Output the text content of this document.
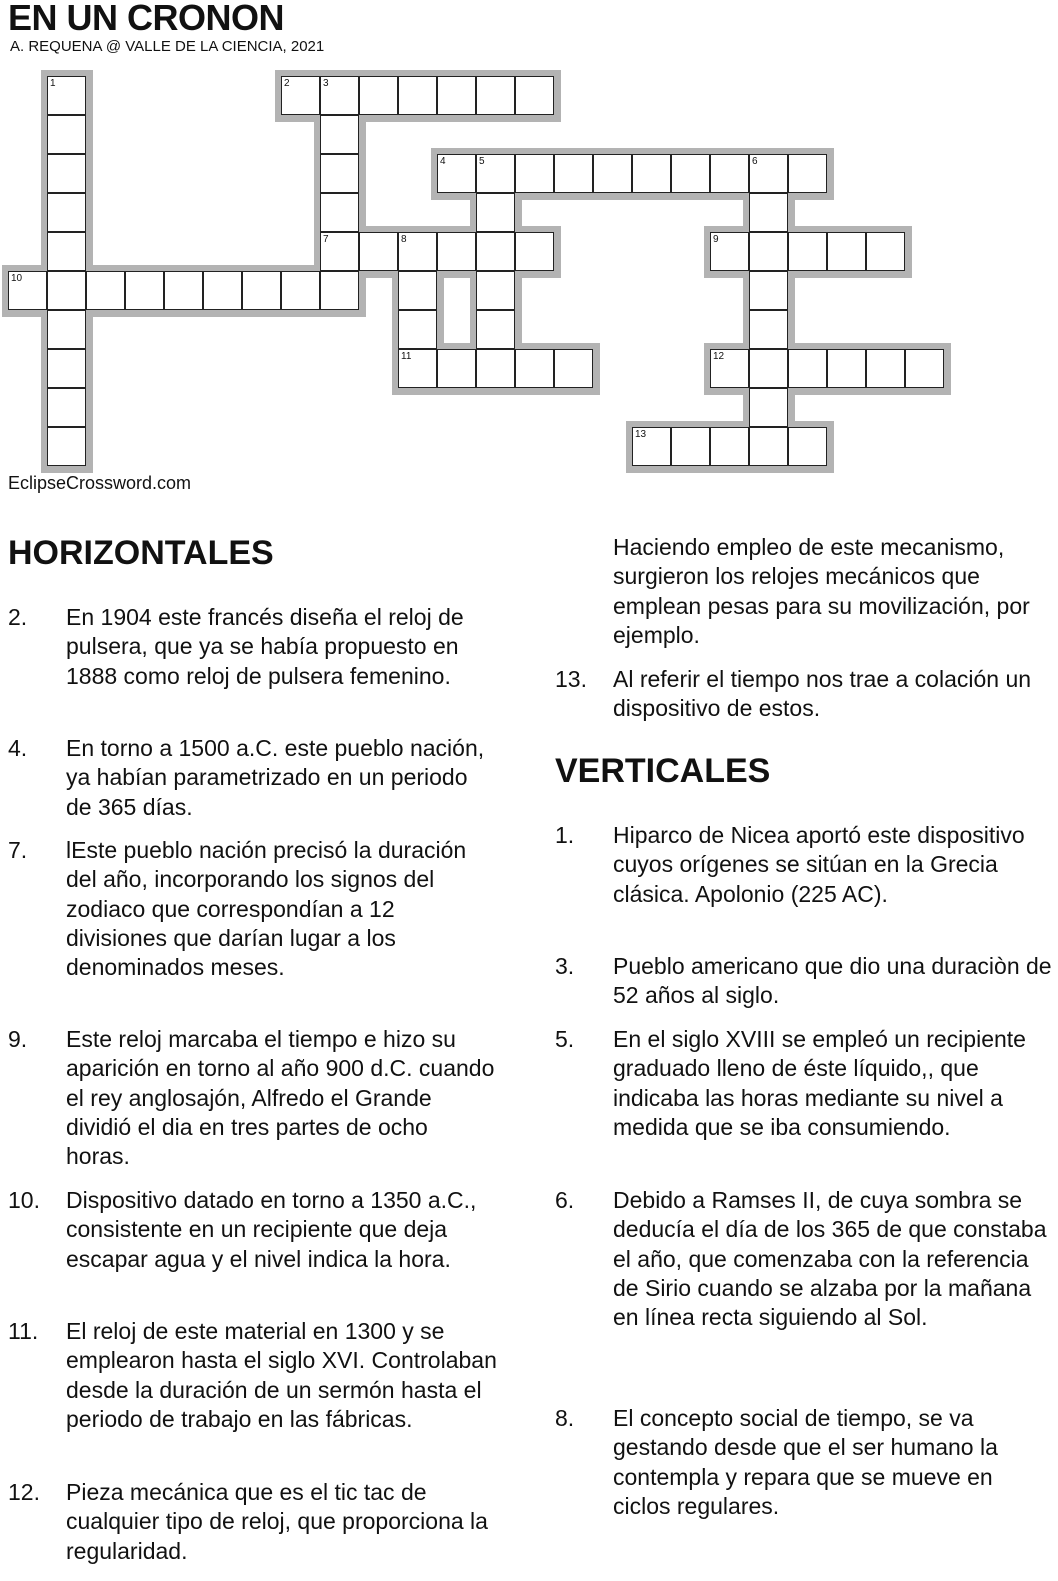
EN UN CRONON
A. REQUENA @ VALLE DE LA CIENCIA, 2021
2	3
4	5	6
7	8	9
10
11	12
13
1
EclipseCrossword.com
HORIZONTALES
2. En 1904 este francés diseña el reloj de pulsera, que ya se había propuesto en 1888 como reloj de pulsera femenino.
4. En torno a 1500 a.C. este pueblo nación, ya habían parametrizado en un periodo de 365 días.
7. lEste pueblo nación precisó la duración del año, incorporando los signos del zodiaco que correspondían a 12 divisiones que darían lugar a los denominados meses.
9. Este reloj marcaba el tiempo e hizo su aparición en torno al año 900 d.C. cuando el rey anglosajón, Alfredo el Grande dividió el dia en tres partes de ocho horas.
10. Dispositivo datado en torno a 1350 a.C., consistente en un recipiente que deja escapar agua y el nivel indica la hora.
11. El reloj de este material en 1300 y se emplearon hasta el siglo XVI. Controlaban desde la duración de un sermón hasta el periodo de trabajo en las fábricas.
12. Pieza mecánica que es el tic tac de cualquier tipo de reloj, que proporciona la regularidad.
Haciendo empleo de este mecanismo, surgieron los relojes mecánicos que emplean pesas para su movilización, por ejemplo.
13. Al referir el tiempo nos trae a colación un dispositivo de estos.
VERTICALES
1. Hiparco de Nicea aportó este dispositivo cuyos orígenes se sitúan en la Grecia clásica. Apolonio (225 AC).
3. Pueblo americano que dio una duraciòn de 52 años al siglo.
5. En el siglo XVIII se empleó un recipiente graduado lleno de éste líquido,, que indicaba las horas mediante su nivel a medida que se iba consumiendo.
6. Debido a Ramses II, de cuya sombra se deducía el día de los 365 de que constaba el año, que comenzaba con la referencia de Sirio cuando se alzaba por la mañana en línea recta siguiendo al Sol.
8. El concepto social de tiempo, se va gestando desde que el ser humano la contempla y repara que se mueve en ciclos regulares.
